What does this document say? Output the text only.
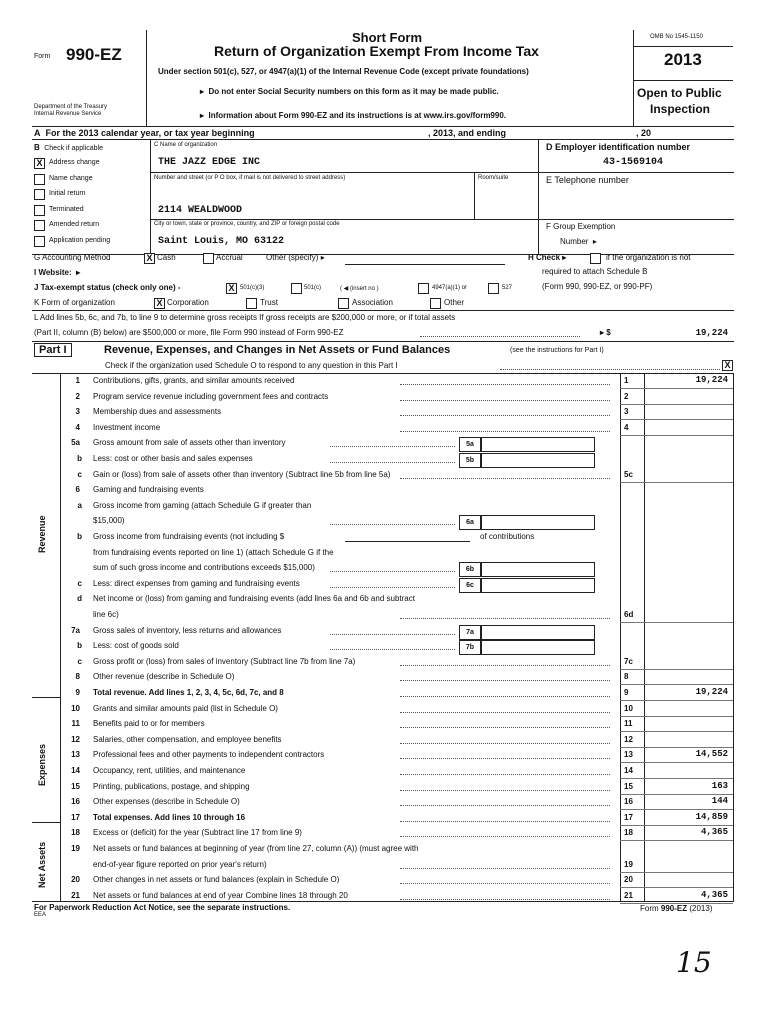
Form 990-EZ
Department of the Treasury
Internal Revenue Service
Short Form
Return of Organization Exempt From Income Tax
Under section 501(c), 527, or 4947(a)(1) of the Internal Revenue Code (except private foundations)
▸  Do not enter Social Security numbers on this form as it may be made public.
▸  Information about Form 990-EZ and its instructions is at www.irs.gov/form990.
OMB No 1545-1150
2013
Open to Public
Inspection
A  For the 2013 calendar year, or tax year beginning	, 2013, and ending	, 20
B  Check if applicable
X Address change
Name change
Initial return
Terminated
Amended return
Application pending
C Name of organization
THE JAZZ EDGE INC
Number and street (or P O box, if mail is not delivered to street address)	Room/suite
2114 WEALDWOOD
City or town, state or province, country, and ZIP or foreign postal code
Saint Louis, MO 63122
D Employer identification number
43-1569104
E Telephone number
F Group Exemption
Number  ▸
G Accounting Method	X Cash	Accrual	Other (specify) ▸	H Check ▸	if the organization is not
required to attach Schedule B
(Form 990, 990-EZ, or 990-PF)
I Website:  ▸
J Tax-exempt status (check only one) -	X 501(c)(3)	501(c)	( ◀ (insert no )	4947(a)(1) or	527
K Form of organization	X Corporation	Trust	Association	Other
L Add lines 5b, 6c, and 7b, to line 9 to determine gross receipts If gross receipts are $200,000 or more, or if total assets
(Part II, column (B) below) are $500,000 or more, file Form 990 instead of Form 990-EZ	▸ $	19,224
Part I	Revenue, Expenses, and Changes in Net Assets or Fund Balances	(see the instructions for Part I)
Check if the organization used Schedule O to respond to any question in this Part I	X
Revenue
Expenses
Net Assets
1 Contributions, gifts, grants, and similar amounts received	1	19,224
2 Program service revenue including government fees and contracts	2
3 Membership dues and assessments	3
4 Investment income	4
5a Gross amount from sale of assets other than inventory	5a
b Less: cost or other basis and sales expenses	5b
c Gain or (loss) from sale of assets other than inventory (Subtract line 5b from line 5a)	5c
6 Gaming and fundraising events
a Gross income from gaming (attach Schedule G if greater than
$15,000)	6a
b Gross income from fundraising events (not including $	of contributions
from fundraising events reported on line 1) (attach Schedule G if the
sum of such gross income and contributions exceeds $15,000)	6b
c Less: direct expenses from gaming and fundraising events	6c
d Net income or (loss) from gaming and fundraising events (add lines 6a and 6b and subtract
line 6c)	6d
7a Gross sales of inventory, less returns and allowances	7a
b Less: cost of goods sold	7b
c Gross profit or (loss) from sales of inventory (Subtract line 7b from line 7a)	7c
8 Other revenue (describe in Schedule O)	8
9 Total revenue. Add lines 1, 2, 3, 4, 5c, 6d, 7c, and 8	9	19,224
10 Grants and similar amounts paid (list in Schedule O)	10
11 Benefits paid to or for members	11
12 Salaries, other compensation, and employee benefits	12
13 Professional fees and other payments to independent contractors	13	14,552
14 Occupancy, rent, utilities, and maintenance	14
15 Printing, publications, postage, and shipping	15	163
16 Other expenses (describe in Schedule O)	16	144
17 Total expenses. Add lines 10 through 16	17	14,859
18 Excess or (deficit) for the year (Subtract line 17 from line 9)	18	4,365
19 Net assets or fund balances at beginning of year (from line 27, column (A)) (must agree with
end-of-year figure reported on prior year's return)	19
20 Other changes in net assets or fund balances (explain in Schedule O)	20
21 Net assets or fund balances at end of year Combine lines 18 through 20	21	4,365
For Paperwork Reduction Act Notice, see the separate instructions.
EEA
Form 990-EZ (2013)
15
